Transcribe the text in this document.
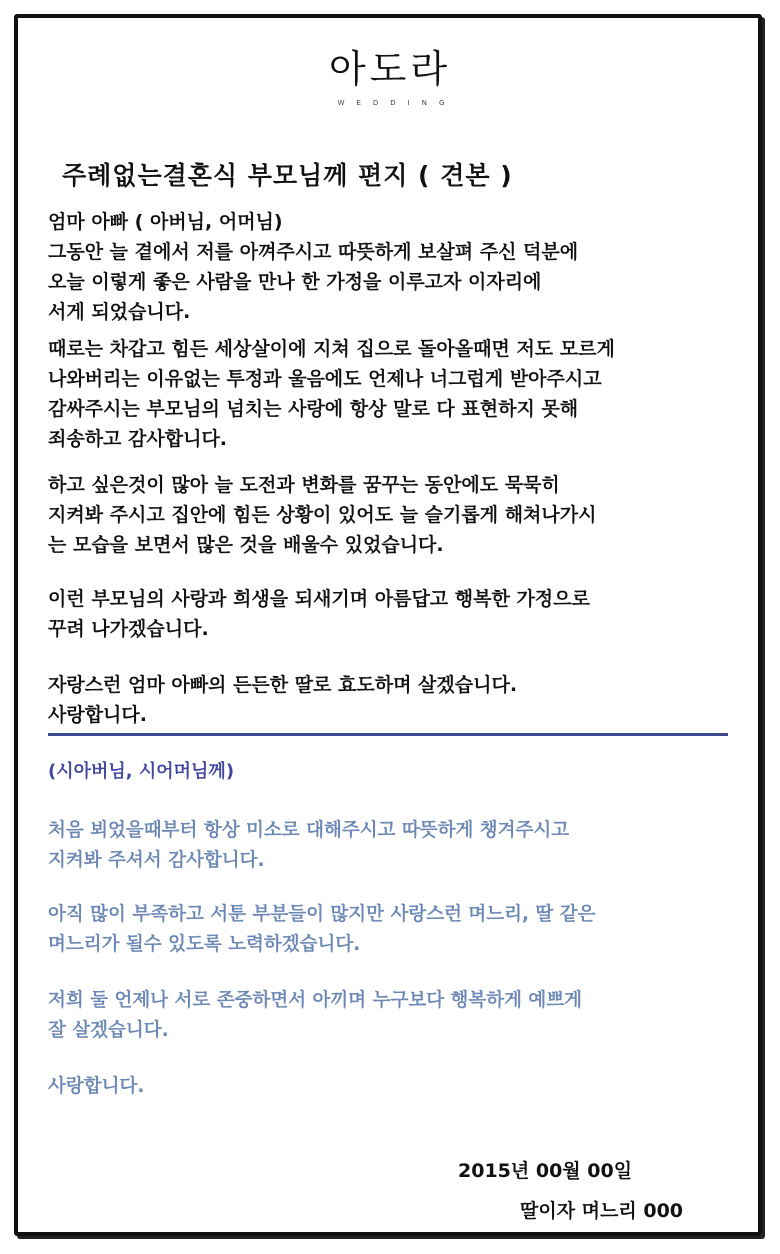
아도라
WEDDING
주례없는결혼식 부모님께 편지 ( 견본 )
엄마 아빠 ( 아버님, 어머님)
그동안 늘 곁에서 저를 아껴주시고 따뜻하게 보살펴 주신 덕분에
오늘 이렇게 좋은 사람을 만나 한 가정을 이루고자 이자리에
서게 되었습니다.
때로는 차갑고 힘든 세상살이에 지쳐 집으로 돌아올때면 저도 모르게
나와버리는 이유없는 투정과 울음에도 언제나 너그럽게 받아주시고
감싸주시는 부모님의 넘치는 사랑에 항상 말로 다 표현하지 못해
죄송하고 감사합니다.
하고 싶은것이 많아 늘 도전과 변화를 꿈꾸는 동안에도 묵묵히
지켜봐 주시고 집안에 힘든 상황이 있어도 늘 슬기롭게 해쳐나가시
는 모습을 보면서 많은 것을 배울수 있었습니다.
이런 부모님의 사랑과 희생을 되새기며 아름답고 행복한 가정으로
꾸려 나가겠습니다.
자랑스런 엄마 아빠의 든든한 딸로 효도하며 살겠습니다.
사랑합니다.
(시아버님, 시어머님께)
처음 뵈었을때부터 항상 미소로 대해주시고 따뜻하게 챙겨주시고
지켜봐 주셔서 감사합니다.
아직 많이 부족하고 서툰 부분들이 많지만 사랑스런 며느리, 딸 같은
며느리가 될수 있도록 노력하겠습니다.
저희 둘 언제나 서로 존중하면서 아끼며 누구보다 행복하게 예쁘게
잘 살겠습니다.
사랑합니다.
2015년 00월 00일
딸이자 며느리 000
